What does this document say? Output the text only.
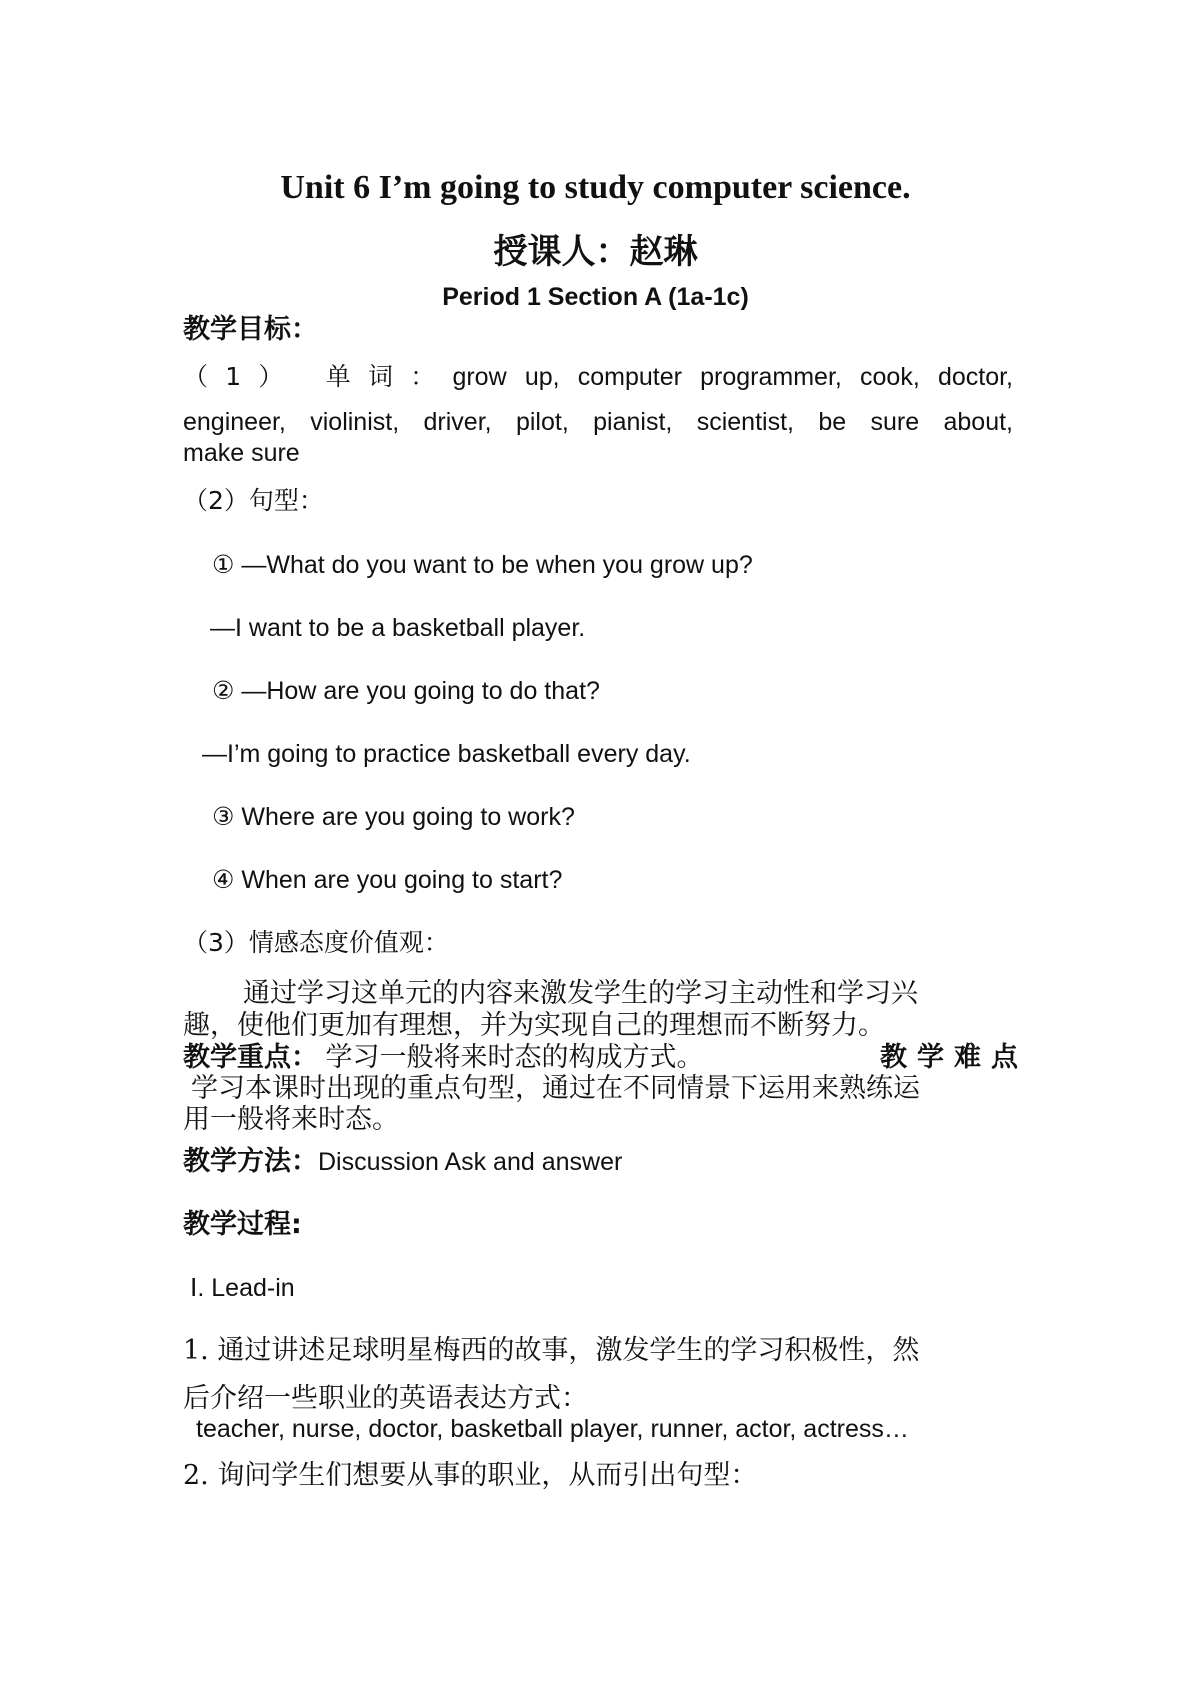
Unit 6 I’m going to study computer science.
授课人：赵琳
Period 1 Section A (1a-1c)
教学目标：
（1） 单词：grow up, computer programmer, cook, doctor,
engineer, violinist, driver, pilot, pianist, scientist, be sure about,
make sure
（2）句型：
① —What do you want to be when you grow up?
—I want to be a basketball player.
② —How are you going to do that?
—I’m going to practice basketball every day.
③ Where are you going to work?
④ When are you going to start?
（3）情感态度价值观：
通过学习这单元的内容来激发学生的学习主动性和学习兴
趣，使他们更加有理想，并为实现自己的理想而不断努力。
教学重点： 学习一般将来时态的构成方式。	教学难点
学习本课时出现的重点句型，通过在不同情景下运用来熟练运
用一般将来时态。
教学方法：Discussion Ask and answer
教学过程:
Ⅰ. Lead-in
1. 通过讲述足球明星梅西的故事，激发学生的学习积极性，然
后介绍一些职业的英语表达方式：
teacher, nurse, doctor, basketball player, runner, actor, actress…
2. 询问学生们想要从事的职业，从而引出句型：
